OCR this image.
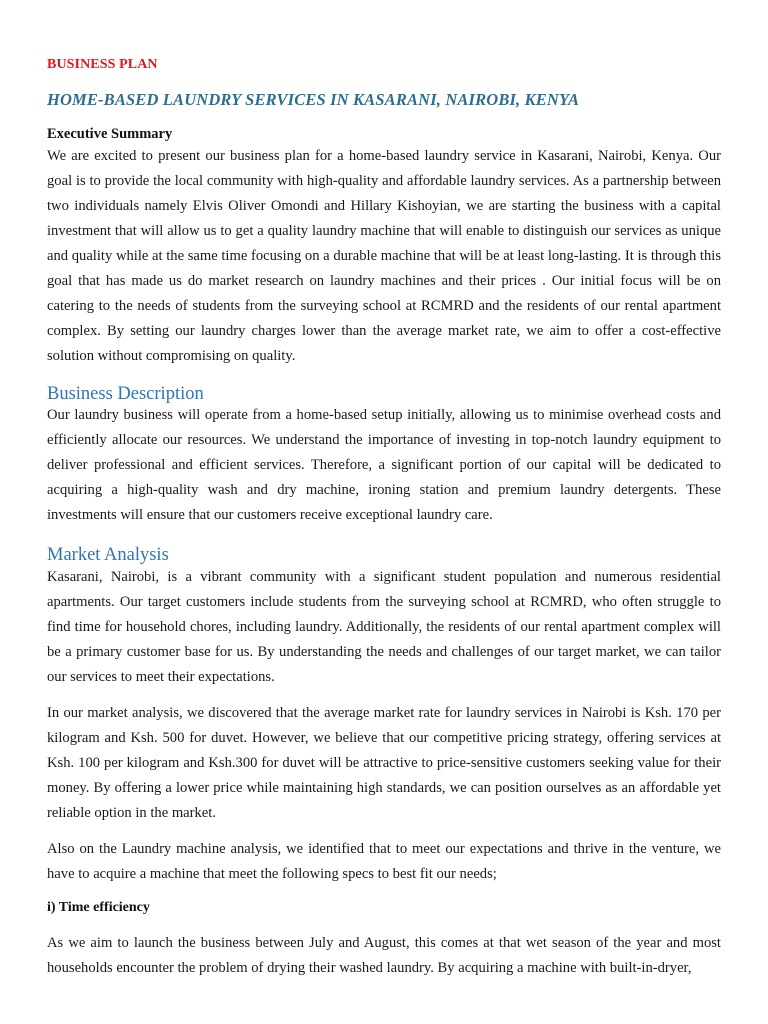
BUSINESS PLAN
HOME-BASED LAUNDRY SERVICES IN KASARANI, NAIROBI, KENYA
Executive Summary

We are excited to present our business plan for a home-based laundry service in Kasarani, Nairobi, Kenya. Our goal is to provide the local community with high-quality and affordable laundry services. As a partnership between two individuals namely Elvis Oliver Omondi and Hillary Kishoyian, we are starting the business with a capital investment that will allow us to get a quality laundry machine that will enable to distinguish our services as unique and quality while at the same time focusing on a durable machine that will be at least long-lasting. It is through this goal that has made us do market research on laundry machines and their prices . Our initial focus will be on catering to the needs of students from the surveying school at RCMRD and the residents of our rental apartment complex. By setting our laundry charges lower than the average market rate, we aim to offer a cost-effective solution without compromising on quality.

Business Description

Our laundry business will operate from a home-based setup initially, allowing us to minimise overhead costs and efficiently allocate our resources. We understand the importance of investing in top-notch laundry equipment to deliver professional and efficient services. Therefore, a significant portion of our capital will be dedicated to acquiring a high-quality wash and dry machine, ironing station and premium laundry detergents. These investments will ensure that our customers receive exceptional laundry care.

Market Analysis

Kasarani, Nairobi, is a vibrant community with a significant student population and numerous residential apartments. Our target customers include students from the surveying school at RCMRD, who often struggle to find time for household chores, including laundry. Additionally, the residents of our rental apartment complex will be a primary customer base for us. By understanding the needs and challenges of our target market, we can tailor our services to meet their expectations.

In our market analysis, we discovered that the average market rate for laundry services in Nairobi is Ksh. 170 per kilogram and Ksh. 500 for duvet. However, we believe that our competitive pricing strategy, offering services at Ksh. 100 per kilogram and Ksh.300 for duvet will be attractive to price-sensitive customers seeking value for their money. By offering a lower price while maintaining high standards, we can position ourselves as an affordable yet reliable option in the market.

Also on the Laundry machine analysis, we identified that to meet our expectations and thrive in the venture, we have to acquire a machine that meet the following specs to best fit our needs;

i) Time efficiency

As we aim to launch the business between July and August, this comes at that wet season of the year and most households encounter the problem of drying their washed laundry. By acquiring a machine with built-in-dryer,
